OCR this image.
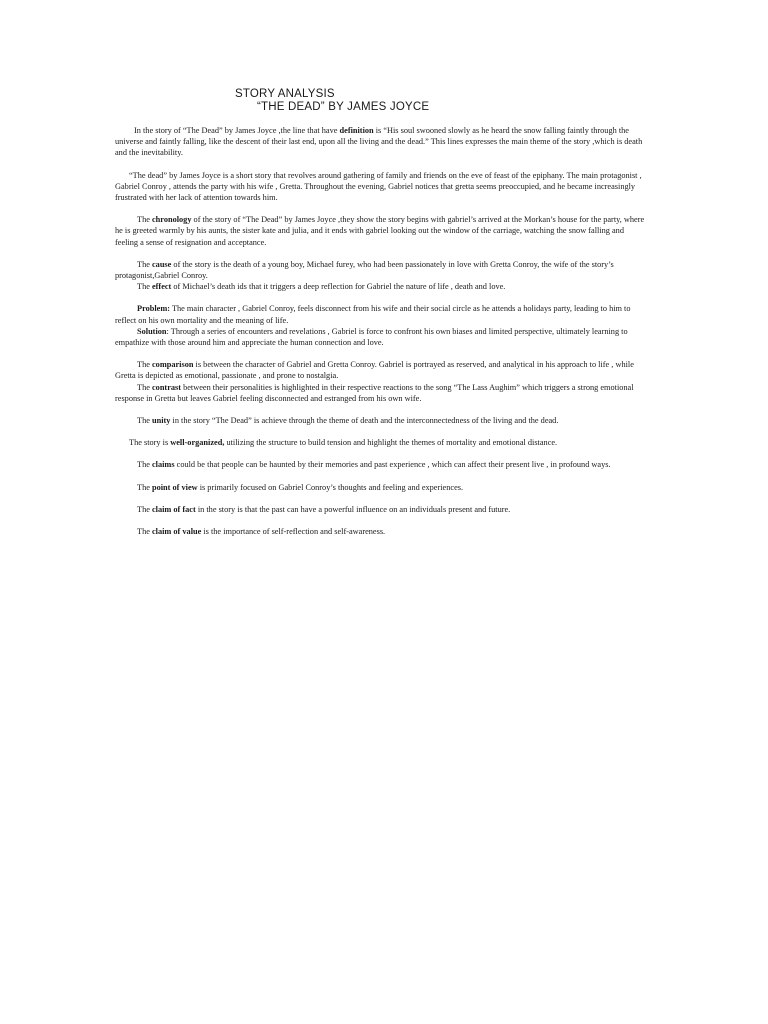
STORY ANALYSIS
“THE DEAD” BY JAMES JOYCE

In the story of “The Dead” by James Joyce ,the line that have definition is “His soul swooned slowly as he heard the snow falling faintly through the universe and faintly falling, like the descent of their last end, upon all the living and the dead.” This lines expresses the main theme of the story ,which is death and the inevitability.

“The dead” by James Joyce is a short story that revolves around gathering of family and friends on the eve of feast of the epiphany. The main protagonist , Gabriel Conroy , attends the party with his wife , Gretta. Throughout the evening, Gabriel notices that gretta seems preoccupied, and he became increasingly frustrated with her lack of attention towards him.

The chronology of the story of “The Dead” by James Joyce ,they show the story begins with gabriel’s arrived at the Morkan’s house for the party, where he is greeted warmly by his aunts, the sister kate and julia, and it ends with gabriel looking out the window of the carriage, watching the snow falling and feeling a sense of resignation and acceptance.

The cause of the story is the death of a young boy, Michael furey, who had been passionately in love with Gretta Conroy, the wife of the story’s protagonist,Gabriel Conroy.

The effect of Michael’s death ids that it triggers a deep reflection for Gabriel the nature of life , death and love.

Problem: The main character , Gabriel Conroy, feels disconnect from his wife and their social circle as he attends a holidays party, leading to him to reflect on his own mortality and the meaning of life.

Solution: Through a series of encounters and revelations , Gabriel is force to confront his own biases and limited perspective, ultimately learning to empathize with those around him and appreciate the human connection and love.

The comparison is between the character of Gabriel and Gretta Conroy. Gabriel is portrayed as reserved, and analytical in his approach to life , while Gretta is depicted as emotional, passionate , and prone to nostalgia.

The contrast between their personalities is highlighted in their respective reactions to the song “The Lass Aughim” which triggers a strong emotional response in Gretta but leaves Gabriel feeling disconnected and estranged from his own wife.

The unity in the story “The Dead” is achieve through the theme of death and the interconnectedness of the living and the dead.

The story is well-organized, utilizing the structure to build tension and highlight the themes of mortality and emotional distance.

The claims could be that people can be haunted by their memories and past experience , which can affect their present live , in profound ways.

The point of view is primarily focused on Gabriel Conroy’s thoughts and feeling and experiences.

The claim of fact in the story is that the past can have a powerful influence on an individuals present and future.

The claim of value is the importance of self-reflection and self-awareness.
